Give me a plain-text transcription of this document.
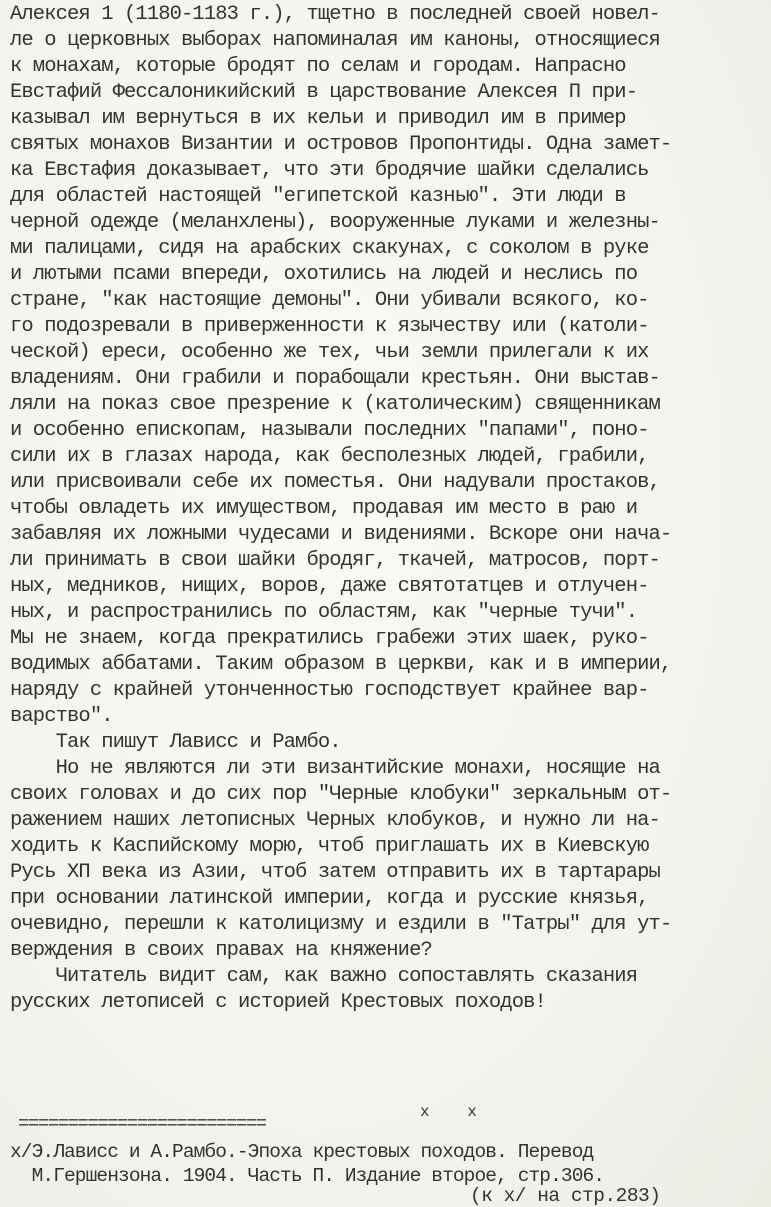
Алексея 1 (1180-1183 г.), тщетно в последней своей новел-
ле о церковных выборах напоминалая им каноны, относящиеся
к монахам, которые бродят по селам и городам. Напрасно
Евстафий Фессалоникийский в царствование Алексея П при-
казывал им вернуться в их кельи и приводил им в пример
святых монахов Византии и островов Пропонтиды. Одна замет-
ка Евстафия доказывает, что эти бродячие шайки сделались
для областей настоящей "египетской казнью". Эти люди в
черной одежде (меланхлены), вооруженные луками и железны-
ми палицами, сидя на арабских скакунах, с соколом в руке
и лютыми псами впереди, охотились на людей и неслись по
стране, "как настоящие демоны". Они убивали всякого, ко-
го подозревали в приверженности к язычеству или (католи-
ческой) ереси, особенно же тех, чьи земли прилегали к их
владениям. Они грабили и порабощали крестьян. Они выстав-
ляли на показ свое презрение к (католическим) священникам
и особенно епископам, называли последних "папами", поно-
сили их в глазах народа, как бесполезных людей, грабили,
или присвоивали себе их поместья. Они надували простаков,
чтобы овладеть их имуществом, продавая им место в раю и
забавляя их ложными чудесами и видениями. Вскоре они нача-
ли принимать в свои шайки бродяг, ткачей, матросов, порт-
ных, медников, нищих, воров, даже святотатцев и отлучен-
ных, и распространились по областям, как "черные тучи".
Мы не знаем, когда прекратились грабежи этих шаек, руко-
водимых аббатами. Таким образом в церкви, как и в империи,
наряду с крайней утонченностью господствует крайнее вар-
варство".
Так пишут Лависс и Рамбо.
Но не являются ли эти византийские монахи, носящие на
своих головах и до сих пор "Черные клобуки" зеркальным от-
ражением наших летописных Черных клобуков, и нужно ли на-
ходить к Каспийскому морю, чтоб приглашать их в Киевскую
Русь XП века из Азии, чтоб затем отправить их в тартарары
при основании латинской империи, когда и русские князья,
очевидно, перешли к католицизму и ездили в "Татры" для ут-
верждения в своих правах на княжение?
Читатель видит сам, как важно сопоставлять сказания
русских летописей с историей Крестовых походов!
=========================
x x
x/Э.Лависс и А.Рамбо.-Эпоха крестовых походов. Перевод
М.Гершензона. 1904. Часть П. Издание второе, стр.306.
(к x/ на стр.283)
